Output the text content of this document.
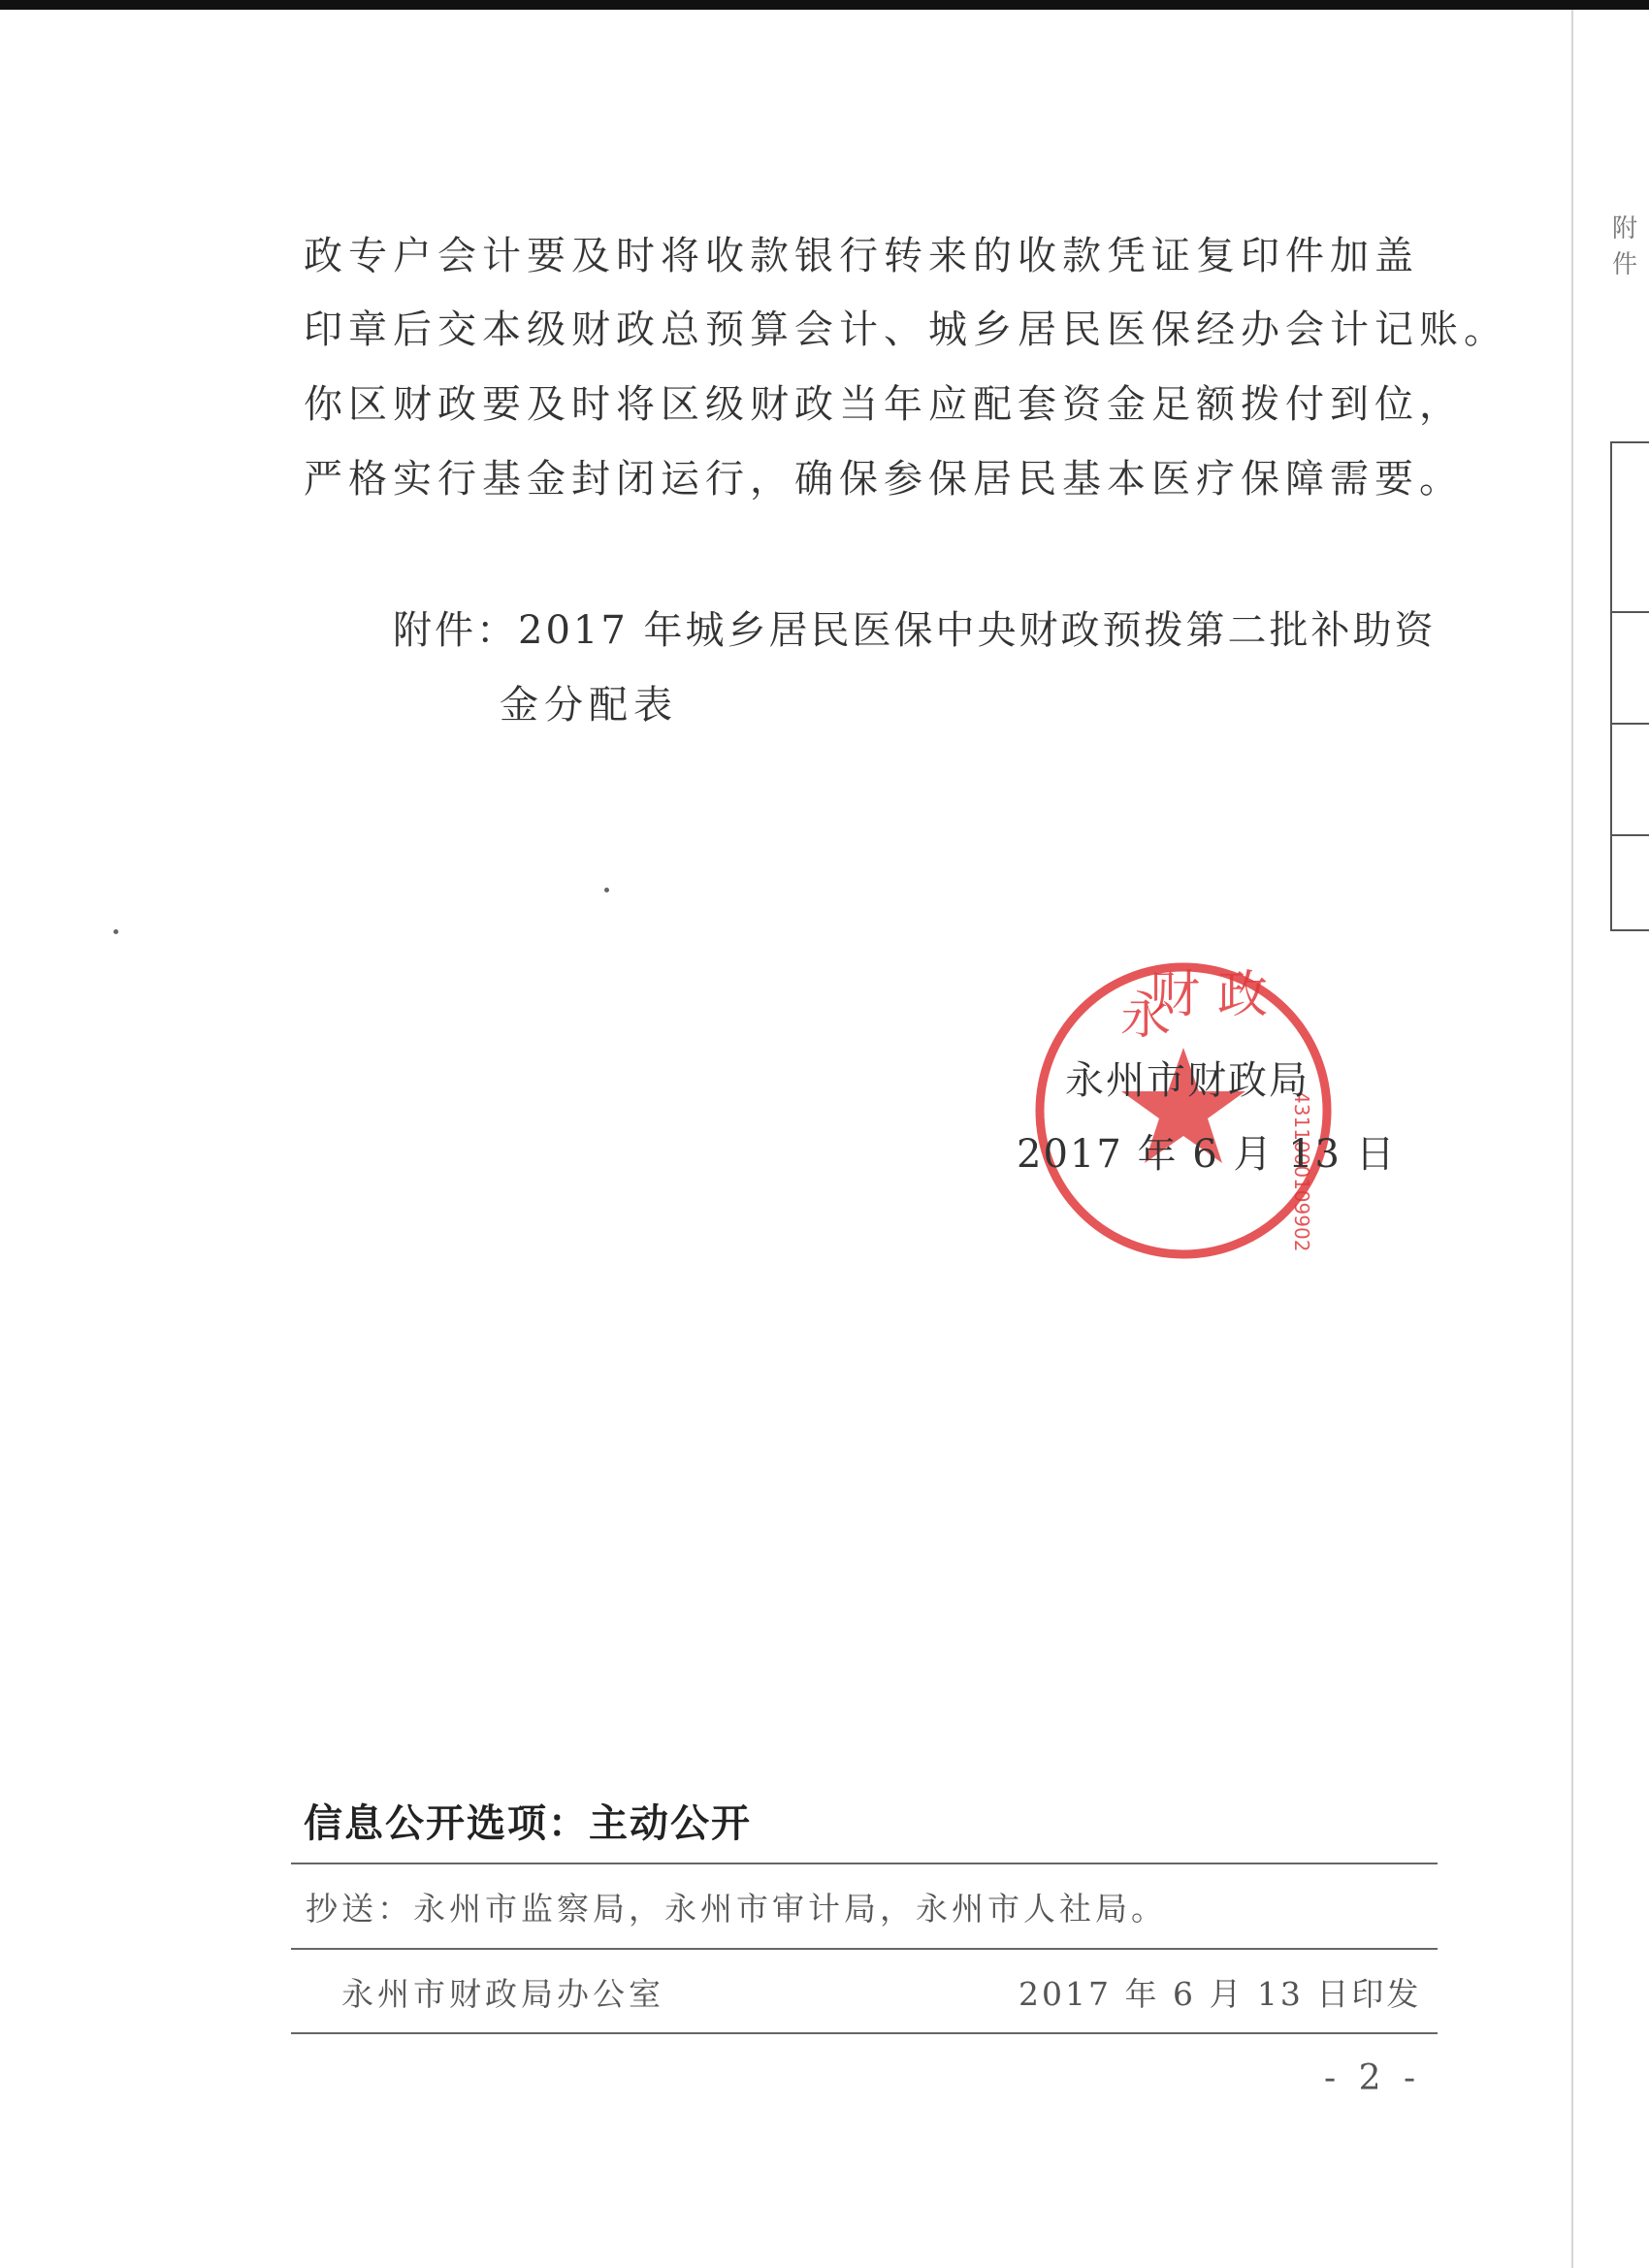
附件
政专户会计要及时将收款银行转来的收款凭证复印件加盖
印章后交本级财政总预算会计、城乡居民医保经办会计记账。
你区财政要及时将区级财政当年应配套资金足额拨付到位，
严格实行基金封闭运行，确保参保居民基本医疗保障需要。
附件：2017 年城乡居民医保中央财政预拨第二批补助资
金分配表
永
财 政
4311000109902
永州市财政局
2017 年 6 月 13 日
信息公开选项：主动公开
抄送：永州市监察局，永州市审计局，永州市人社局。
永州市财政局办公室	2017 年 6 月 13 日印发
- 2 -
